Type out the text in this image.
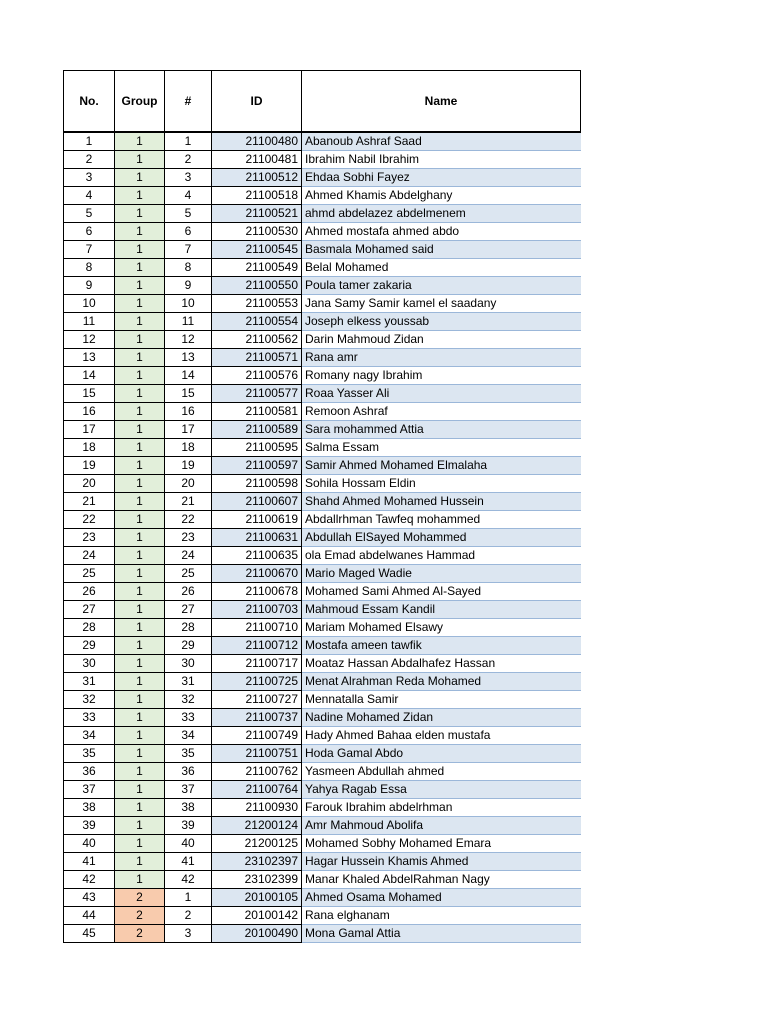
No.	Group	#	ID	Name
1	1	1	21100480	Abanoub Ashraf Saad
2	1	2	21100481	Ibrahim Nabil Ibrahim
3	1	3	21100512	Ehdaa Sobhi Fayez
4	1	4	21100518	Ahmed Khamis Abdelghany
5	1	5	21100521	ahmd abdelazez abdelmenem
6	1	6	21100530	Ahmed mostafa ahmed abdo
7	1	7	21100545	Basmala Mohamed said
8	1	8	21100549	Belal Mohamed
9	1	9	21100550	Poula tamer zakaria
10	1	10	21100553	Jana Samy Samir kamel el saadany
11	1	11	21100554	Joseph elkess youssab
12	1	12	21100562	Darin Mahmoud Zidan
13	1	13	21100571	Rana amr
14	1	14	21100576	Romany nagy Ibrahim
15	1	15	21100577	Roaa Yasser Ali
16	1	16	21100581	Remoon Ashraf
17	1	17	21100589	Sara mohammed Attia
18	1	18	21100595	Salma Essam
19	1	19	21100597	Samir Ahmed Mohamed Elmalaha
20	1	20	21100598	Sohila Hossam Eldin
21	1	21	21100607	Shahd Ahmed Mohamed Hussein
22	1	22	21100619	Abdallrhman Tawfeq mohammed
23	1	23	21100631	Abdullah ElSayed Mohammed
24	1	24	21100635	ola Emad abdelwanes Hammad
25	1	25	21100670	Mario Maged Wadie
26	1	26	21100678	Mohamed Sami Ahmed Al-Sayed
27	1	27	21100703	Mahmoud Essam Kandil
28	1	28	21100710	Mariam Mohamed Elsawy
29	1	29	21100712	Mostafa ameen tawfik
30	1	30	21100717	Moataz Hassan Abdalhafez Hassan
31	1	31	21100725	Menat Alrahman Reda Mohamed
32	1	32	21100727	Mennatalla Samir
33	1	33	21100737	Nadine Mohamed Zidan
34	1	34	21100749	Hady Ahmed Bahaa elden mustafa
35	1	35	21100751	Hoda Gamal Abdo
36	1	36	21100762	Yasmeen Abdullah ahmed
37	1	37	21100764	Yahya Ragab Essa
38	1	38	21100930	Farouk Ibrahim abdelrhman
39	1	39	21200124	Amr Mahmoud Abolifa
40	1	40	21200125	Mohamed Sobhy Mohamed Emara
41	1	41	23102397	Hagar Hussein Khamis Ahmed
42	1	42	23102399	Manar Khaled AbdelRahman Nagy
43	2	1	20100105	Ahmed Osama Mohamed
44	2	2	20100142	Rana elghanam
45	2	3	20100490	Mona Gamal Attia
